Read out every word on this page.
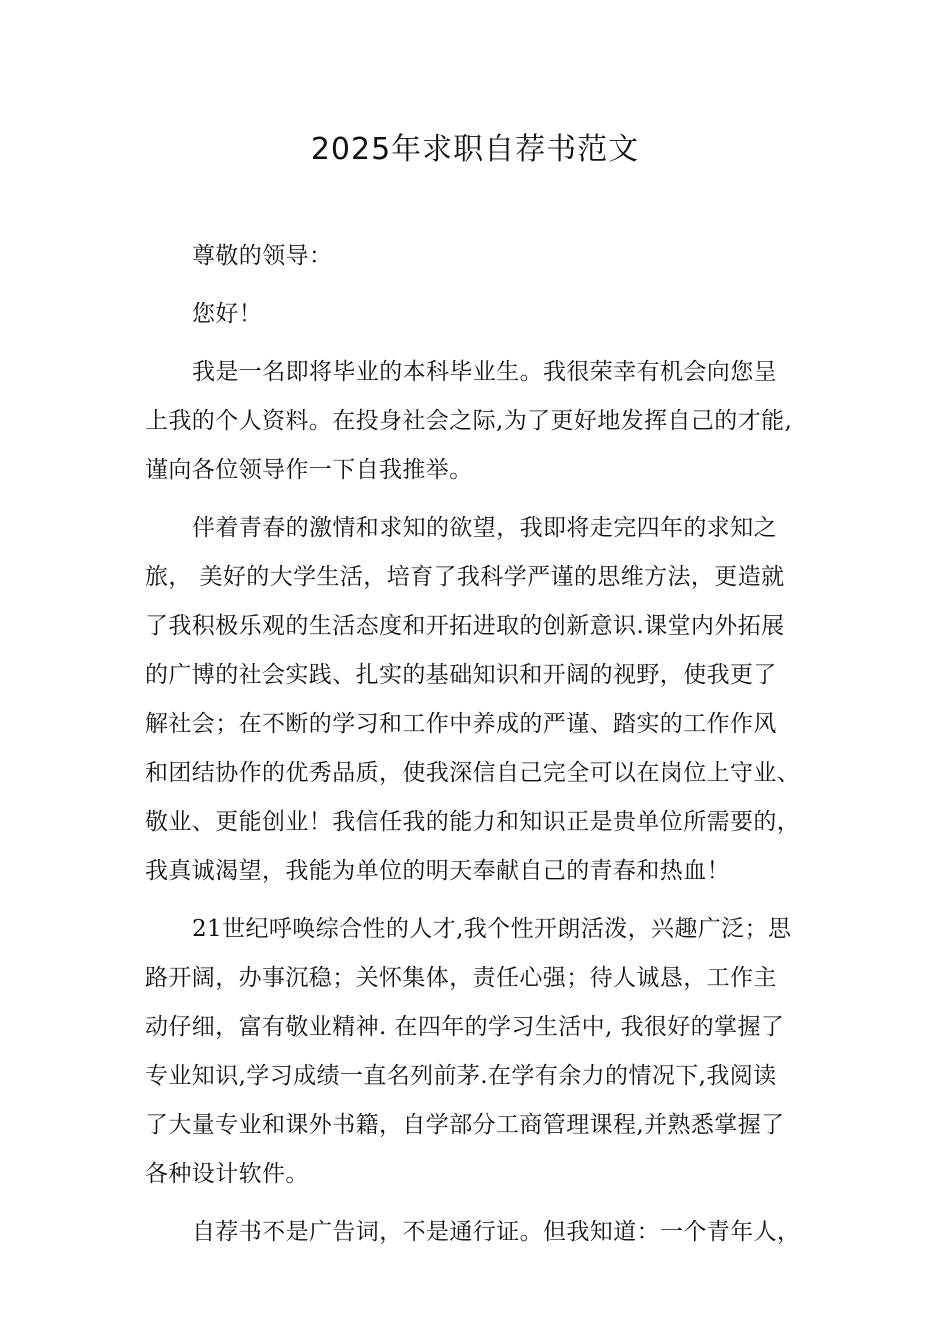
2025年求职自荐书范文
尊敬的领导：
您好！
我是一名即将毕业的本科毕业生。我很荣幸有机会向您呈
上我的个人资料。在投身社会之际,为了更好地发挥自己的才能,
谨向各位领导作一下自我推举。
伴着青春的激情和求知的欲望，我即将走完四年的求知之
旅， 美好的大学生活，培育了我科学严谨的思维方法，更造就
了我积极乐观的生活态度和开拓进取的创新意识.课堂内外拓展
的广博的社会实践、扎实的基础知识和开阔的视野，使我更了
解社会；在不断的学习和工作中养成的严谨、踏实的工作作风
和团结协作的优秀品质，使我深信自己完全可以在岗位上守业、
敬业、更能创业！我信任我的能力和知识正是贵单位所需要的，
我真诚渴望，我能为单位的明天奉献自己的青春和热血！
21世纪呼唤综合性的人才,我个性开朗活泼，兴趣广泛；思
路开阔，办事沉稳；关怀集体，责任心强；待人诚恳，工作主
动仔细，富有敬业精神. 在四年的学习生活中, 我很好的掌握了
专业知识,学习成绩一直名列前茅.在学有余力的情况下,我阅读
了大量专业和课外书籍，自学部分工商管理课程,并熟悉掌握了
各种设计软件。
自荐书不是广告词，不是通行证。但我知道：一个青年人，
